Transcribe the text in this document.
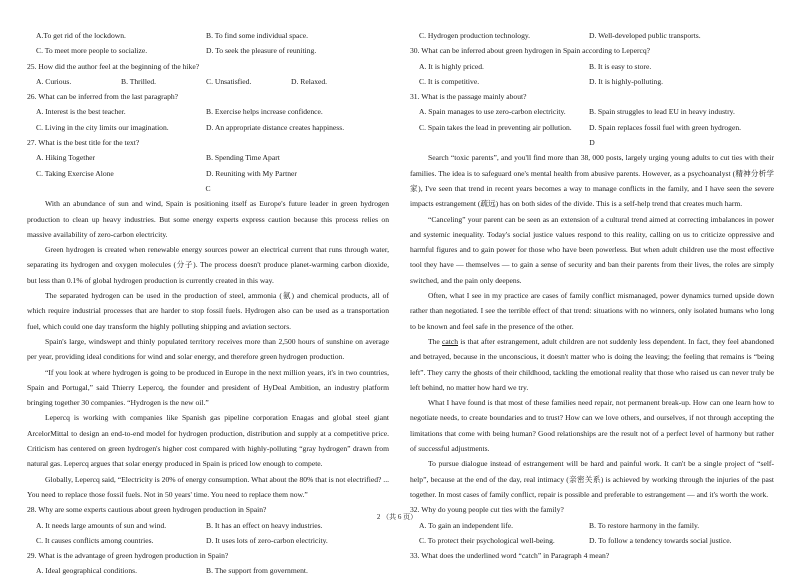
A.To get rid of the lockdown.	B. To find some individual space.
C. To meet more people to socialize.	D. To seek the pleasure of reuniting.
25. How did the author feel at the beginning of the hike?
A. Curious.	B. Thrilled.	C. Unsatisfied.	D. Relaxed.
26. What can be inferred from the last paragraph?
A. Interest is the best teacher.	B. Exercise helps increase confidence.
C. Living in the city limits our imagination.	D. An appropriate distance creates happiness.
27. What is the best title for the text?
A. Hiking Together	B. Spending Time Apart
C. Taking Exercise Alone	D. Reuniting with My Partner
C

With an abundance of sun and wind, Spain is positioning itself as Europe's future leader in green hydrogen production to clean up heavy industries. But some energy experts express caution because this process relies on massive availability of zero-carbon electricity.

Green hydrogen is created when renewable energy sources power an electrical current that runs through water, separating its hydrogen and oxygen molecules (分子). The process doesn't produce planet-warming carbon dioxide, but less than 0.1% of global hydrogen production is currently created in this way.

The separated hydrogen can be used in the production of steel, ammonia (氨) and chemical products, all of which require industrial processes that are harder to stop fossil fuels. Hydrogen also can be used as a transportation fuel, which could one day transform the highly polluting shipping and aviation sectors.

Spain's large, windswept and thinly populated territory receives more than 2,500 hours of sunshine on average per year, providing ideal conditions for wind and solar energy, and therefore green hydrogen production.

“If you look at where hydrogen is going to be produced in Europe in the next million years, it's in two countries, Spain and Portugal,” said Thierry Lepercq, the founder and president of HyDeal Ambition, an industry platform bringing together 30 companies. “Hydrogen is the new oil.”

Lepercq is working with companies like Spanish gas pipeline corporation Enagas and global steel giant ArcelorMittal to design an end-to-end model for hydrogen production, distribution and supply at a competitive price. Criticism has centered on green hydrogen's higher cost compared with highly-polluting “gray hydrogen” drawn from natural gas. Lepercq argues that solar energy produced in Spain is priced low enough to compete.

Globally, Lepercq said, “Electricity is 20% of energy consumption. What about the 80% that is not electrified? ... You need to replace those fossil fuels. Not in 50 years' time. You need to replace them now.”

28. Why are some experts cautious about green hydrogen production in Spain?
A. It needs large amounts of sun and wind.	B. It has an effect on heavy industries.
C. It causes conflicts among countries.	D. It uses lots of zero-carbon electricity.
29. What is the advantage of green hydrogen production in Spain?
A. Ideal geographical conditions.	B. The support from government.
C. Hydrogen production technology.	D. Well-developed public transports.
30. What can be inferred about green hydrogen in Spain according to Lepercq?
A. It is highly priced.	B. It is easy to store.
C. It is competitive.	D. It is highly-polluting.
31. What is the passage mainly about?
A. Spain manages to use zero-carbon electricity.	B. Spain struggles to lead EU in heavy industry.
C. Spain takes the lead in preventing air pollution.	D. Spain replaces fossil fuel with green hydrogen.
D

Search “toxic parents”, and you'll find more than 38, 000 posts, largely urging young adults to cut ties with their families. The idea is to safeguard one's mental health from abusive parents. However, as a psychoanalyst (精神分析学家), I've seen that trend in recent years becomes a way to manage conflicts in the family, and I have seen the severe impacts estrangement (疏远) has on both sides of the divide. This is a self-help trend that creates much harm.

“Canceling” your parent can be seen as an extension of a cultural trend aimed at correcting imbalances in power and systemic inequality. Today's social justice values respond to this reality, calling on us to criticize oppressive and harmful figures and to gain power for those who have been powerless. But when adult children use the most effective tool they have — themselves — to gain a sense of security and ban their parents from their lives, the roles are simply switched, and the pain only deepens.

Often, what I see in my practice are cases of family conflict mismanaged, power dynamics turned upside down rather than negotiated. I see the terrible effect of that trend: situations with no winners, only isolated humans who long to be known and feel safe in the presence of the other.

The catch is that after estrangement, adult children are not suddenly less dependent. In fact, they feel abandoned and betrayed, because in the unconscious, it doesn't matter who is doing the leaving; the feeling that remains is “being left”. They carry the ghosts of their childhood, tackling the emotional reality that those who raised us can never truly be left behind, no matter how hard we try.

What I have found is that most of these families need repair, not permanent break-up. How can one learn how to negotiate needs, to create boundaries and to trust? How can we love others, and ourselves, if not through accepting the limitations that come with being human? Good relationships are the result not of a perfect level of harmony but rather of successful adjustments.

To pursue dialogue instead of estrangement will be hard and painful work. It can't be a single project of “self-help”, because at the end of the day, real intimacy (亲密关系) is achieved by working through the injuries of the past together. In most cases of family conflict, repair is possible and preferable to estrangement — and it's worth the work.

32. Why do young people cut ties with the family?
A. To gain an independent life.	B. To restore harmony in the family.
C. To protect their psychological well-being.	D. To follow a tendency towards social justice.
33. What does the underlined word “catch” in Paragraph 4 mean?
2 （共 6 页）
